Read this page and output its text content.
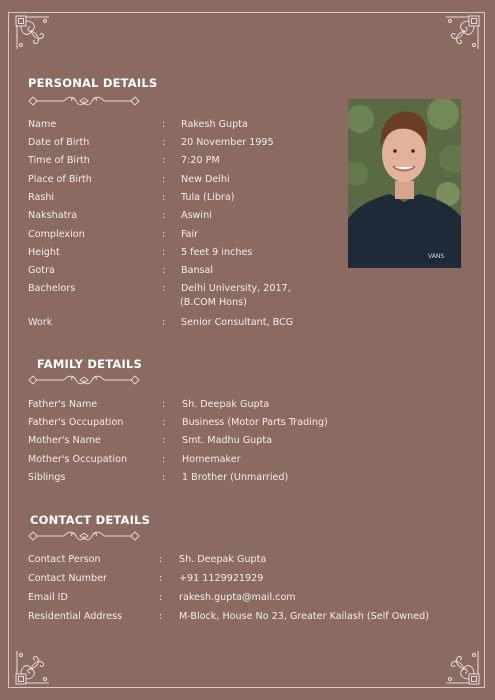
PERSONAL DETAILS
VANS
Name	: Rakesh Gupta
Date of Birth	: 20 November 1995
Time of Birth	: 7:20 PM
Place of Birth	: New Delhi
Rashi	: Tula (Libra)
Nakshatra	: Aswini
Complexion	: Fair
Height	: 5 feet 9 inches
Gotra	: Bansal
Bachelors	: Delhi University, 2017,
(B.COM Hons)
Work	: Senior Consultant, BCG
FAMILY DETAILS
Father's Name	: Sh. Deepak Gupta
Father's Occupation	: Business (Motor Parts Trading)
Mother's Name	: Smt. Madhu Gupta
Mother's Occupation	: Homemaker
Siblings	: 1 Brother (Unmarried)
CONTACT DETAILS
Contact Person	: Sh. Deepak Gupta
Contact Number	: +91 1129921929
Email ID	: rakesh.gupta@mail.com
Residential Address	: M-Block, House No 23, Greater Kailash (Self Owned)
